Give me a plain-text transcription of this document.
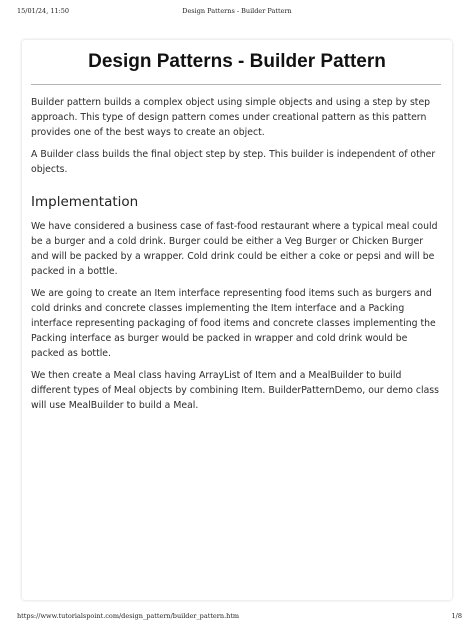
15/01/24, 11:50	Design Patterns - Builder Pattern
Design Patterns - Builder Pattern

Builder pattern builds a complex object using simple objects and using a step by step approach. This type of design pattern comes under creational pattern as this pattern provides one of the best ways to create an object.

A Builder class builds the final object step by step. This builder is independent of other objects.

Implementation

We have considered a business case of fast-food restaurant where a typical meal could be a burger and a cold drink. Burger could be either a Veg Burger or Chicken Burger and will be packed by a wrapper. Cold drink could be either a coke or pepsi and will be packed in a bottle.

We are going to create an Item interface representing food items such as burgers and cold drinks and concrete classes implementing the Item interface and a Packing interface representing packaging of food items and concrete classes implementing the Packing interface as burger would be packed in wrapper and cold drink would be packed as bottle.

We then create a Meal class having ArrayList of Item and a MealBuilder to build different types of Meal objects by combining Item. BuilderPatternDemo, our demo class will use MealBuilder to build a Meal.

https://www.tutorialspoint.com/design_pattern/builder_pattern.htm	1/8
